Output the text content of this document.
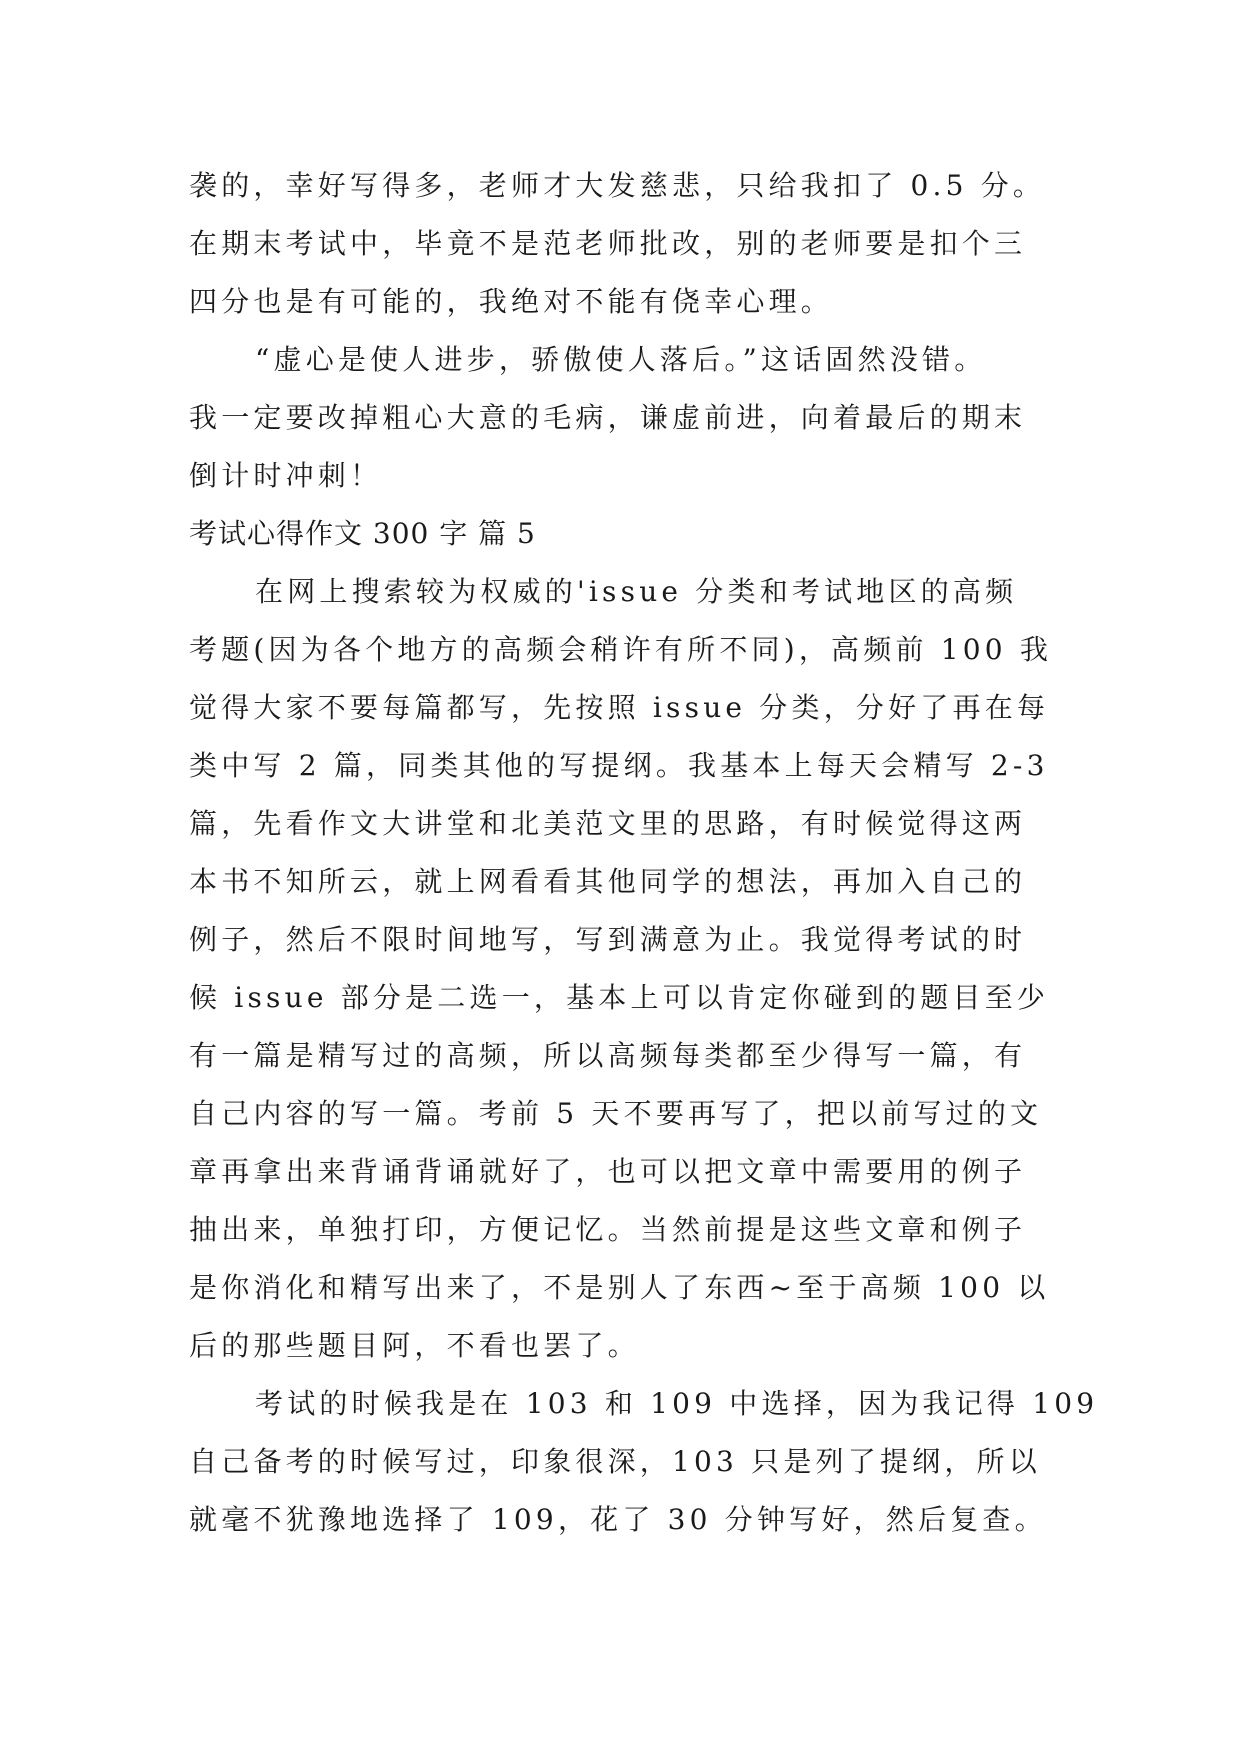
袭的，幸好写得多，老师才大发慈悲，只给我扣了 0.5 分。

在期末考试中，毕竟不是范老师批改，别的老师要是扣个三

四分也是有可能的，我绝对不能有侥幸心理。

“虚心是使人进步，骄傲使人落后。”这话固然没错。

我一定要改掉粗心大意的毛病，谦虚前进，向着最后的期末

倒计时冲刺！

考试心得作文 300 字 篇 5

在网上搜索较为权威的'issue 分类和考试地区的高频

考题(因为各个地方的高频会稍许有所不同)，高频前 100 我

觉得大家不要每篇都写，先按照 issue 分类，分好了再在每

类中写 2 篇，同类其他的写提纲。我基本上每天会精写 2-3

篇，先看作文大讲堂和北美范文里的思路，有时候觉得这两

本书不知所云，就上网看看其他同学的想法，再加入自己的

例子，然后不限时间地写，写到满意为止。我觉得考试的时

候 issue 部分是二选一，基本上可以肯定你碰到的题目至少

有一篇是精写过的高频，所以高频每类都至少得写一篇，有

自己内容的写一篇。考前 5 天不要再写了，把以前写过的文

章再拿出来背诵背诵就好了，也可以把文章中需要用的例子

抽出来，单独打印，方便记忆。当然前提是这些文章和例子

是你消化和精写出来了，不是别人了东西~至于高频 100 以

后的那些题目阿，不看也罢了。

考试的时候我是在 103 和 109 中选择，因为我记得 109

自己备考的时候写过，印象很深，103 只是列了提纲，所以

就毫不犹豫地选择了 109，花了 30 分钟写好，然后复查。
